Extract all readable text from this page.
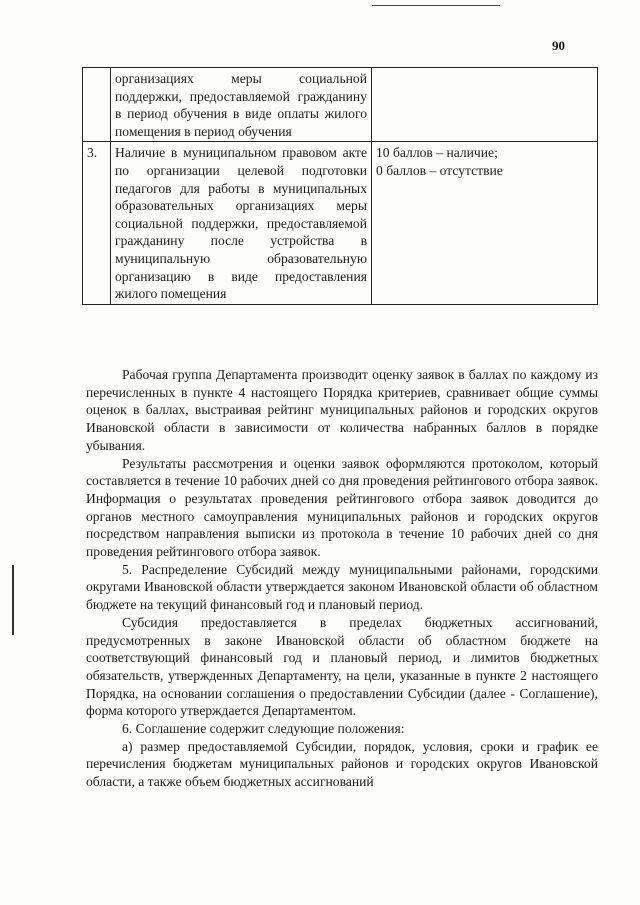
90
	организациях меры социальной поддержки, предоставляемой гражданину в период обучения в виде оплаты жилого помещения в период обучения	
3.	Наличие в муниципальном правовом акте по организации целевой подготовки педагогов для работы в муниципальных образовательных организациях меры социальной поддержки, предоставляемой гражданину после устройства в муниципальную образовательную организацию в виде предоставления жилого помещения	10 баллов – наличие;
0 баллов – отсутствие

Рабочая группа Департамента производит оценку заявок в баллах по каждому из перечисленных в пункте 4 настоящего Порядка критериев, сравнивает общие суммы оценок в баллах, выстраивая рейтинг муниципальных районов и городских округов Ивановской области в зависимости от количества набранных баллов в порядке убывания.

Результаты рассмотрения и оценки заявок оформляются протоколом, который составляется в течение 10 рабочих дней со дня проведения рейтингового отбора заявок. Информация о результатах проведения рейтингового отбора заявок доводится до органов местного самоуправления муниципальных районов и городских округов посредством направления выписки из протокола в течение 10 рабочих дней со дня проведения рейтингового отбора заявок.

5. Распределение Субсидий между муниципальными районами, городскими округами Ивановской области утверждается законом Ивановской области об областном бюджете на текущий финансовый год и плановый период.

Субсидия предоставляется в пределах бюджетных ассигнований, предусмотренных в законе Ивановской области об областном бюджете на соответствующий финансовый год и плановый период, и лимитов бюджетных обязательств, утвержденных Департаменту, на цели, указанные в пункте 2 настоящего Порядка, на основании соглашения о предоставлении Субсидии (далее - Соглашение), форма которого утверждается Департаментом.

6. Соглашение содержит следующие положения:

а) размер предоставляемой Субсидии, порядок, условия, сроки и график ее перечисления бюджетам муниципальных районов и городских округов Ивановской области, а также объем бюджетных ассигнований
